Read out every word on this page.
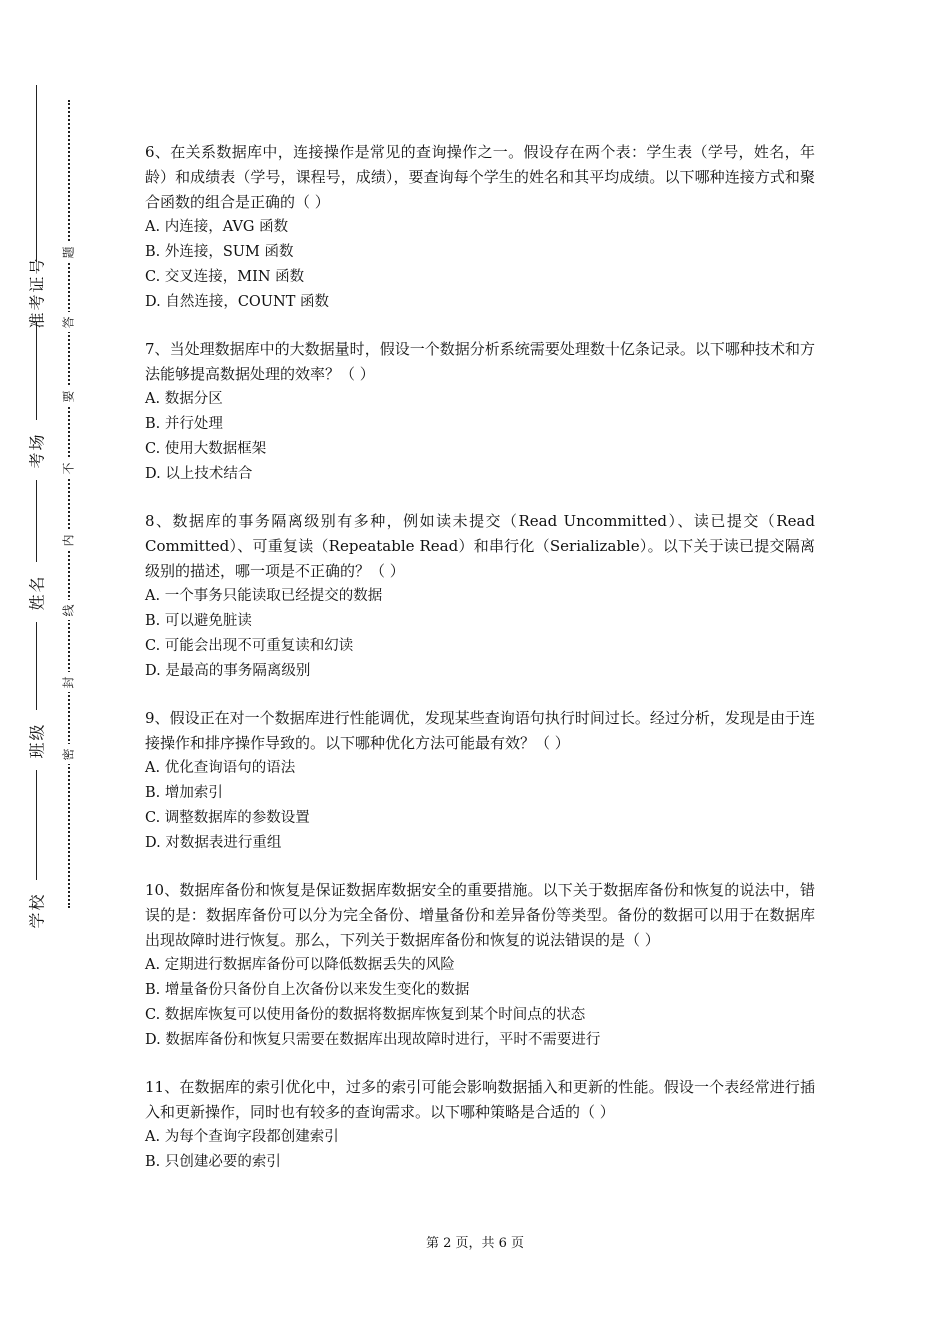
准考证号
考场
姓名
班级
学校
题
答
要
不
内
线
封
密

6、在关系数据库中，连接操作是常见的查询操作之一。假设存在两个表：学生表（学号，姓名，年龄）和成绩表（学号，课程号，成绩），要查询每个学生的姓名和其平均成绩。以下哪种连接方式和聚合函数的组合是正确的（ ）

A. 内连接，AVG 函数

B. 外连接，SUM 函数

C. 交叉连接，MIN 函数

D. 自然连接，COUNT 函数

7、当处理数据库中的大数据量时，假设一个数据分析系统需要处理数十亿条记录。以下哪种技术和方法能够提高数据处理的效率？（ ）

A. 数据分区

B. 并行处理

C. 使用大数据框架

D. 以上技术结合

8、数据库的事务隔离级别有多种，例如读未提交（Read Uncommitted）、读已提交（Read Committed）、可重复读（Repeatable Read）和串行化（Serializable）。以下关于读已提交隔离级别的描述，哪一项是不正确的？（ ）

A. 一个事务只能读取已经提交的数据

B. 可以避免脏读

C. 可能会出现不可重复读和幻读

D. 是最高的事务隔离级别

9、假设正在对一个数据库进行性能调优，发现某些查询语句执行时间过长。经过分析，发现是由于连接操作和排序操作导致的。以下哪种优化方法可能最有效？（ ）

A. 优化查询语句的语法

B. 增加索引

C. 调整数据库的参数设置

D. 对数据表进行重组

10、数据库备份和恢复是保证数据库数据安全的重要措施。以下关于数据库备份和恢复的说法中，错误的是：数据库备份可以分为完全备份、增量备份和差异备份等类型。备份的数据可以用于在数据库出现故障时进行恢复。那么，下列关于数据库备份和恢复的说法错误的是（ ）

A. 定期进行数据库备份可以降低数据丢失的风险

B. 增量备份只备份自上次备份以来发生变化的数据

C. 数据库恢复可以使用备份的数据将数据库恢复到某个时间点的状态

D. 数据库备份和恢复只需要在数据库出现故障时进行，平时不需要进行

11、在数据库的索引优化中，过多的索引可能会影响数据插入和更新的性能。假设一个表经常进行插入和更新操作，同时也有较多的查询需求。以下哪种策略是合适的（ ）

A. 为每个查询字段都创建索引

B. 只创建必要的索引

第 2 页，共 6 页
